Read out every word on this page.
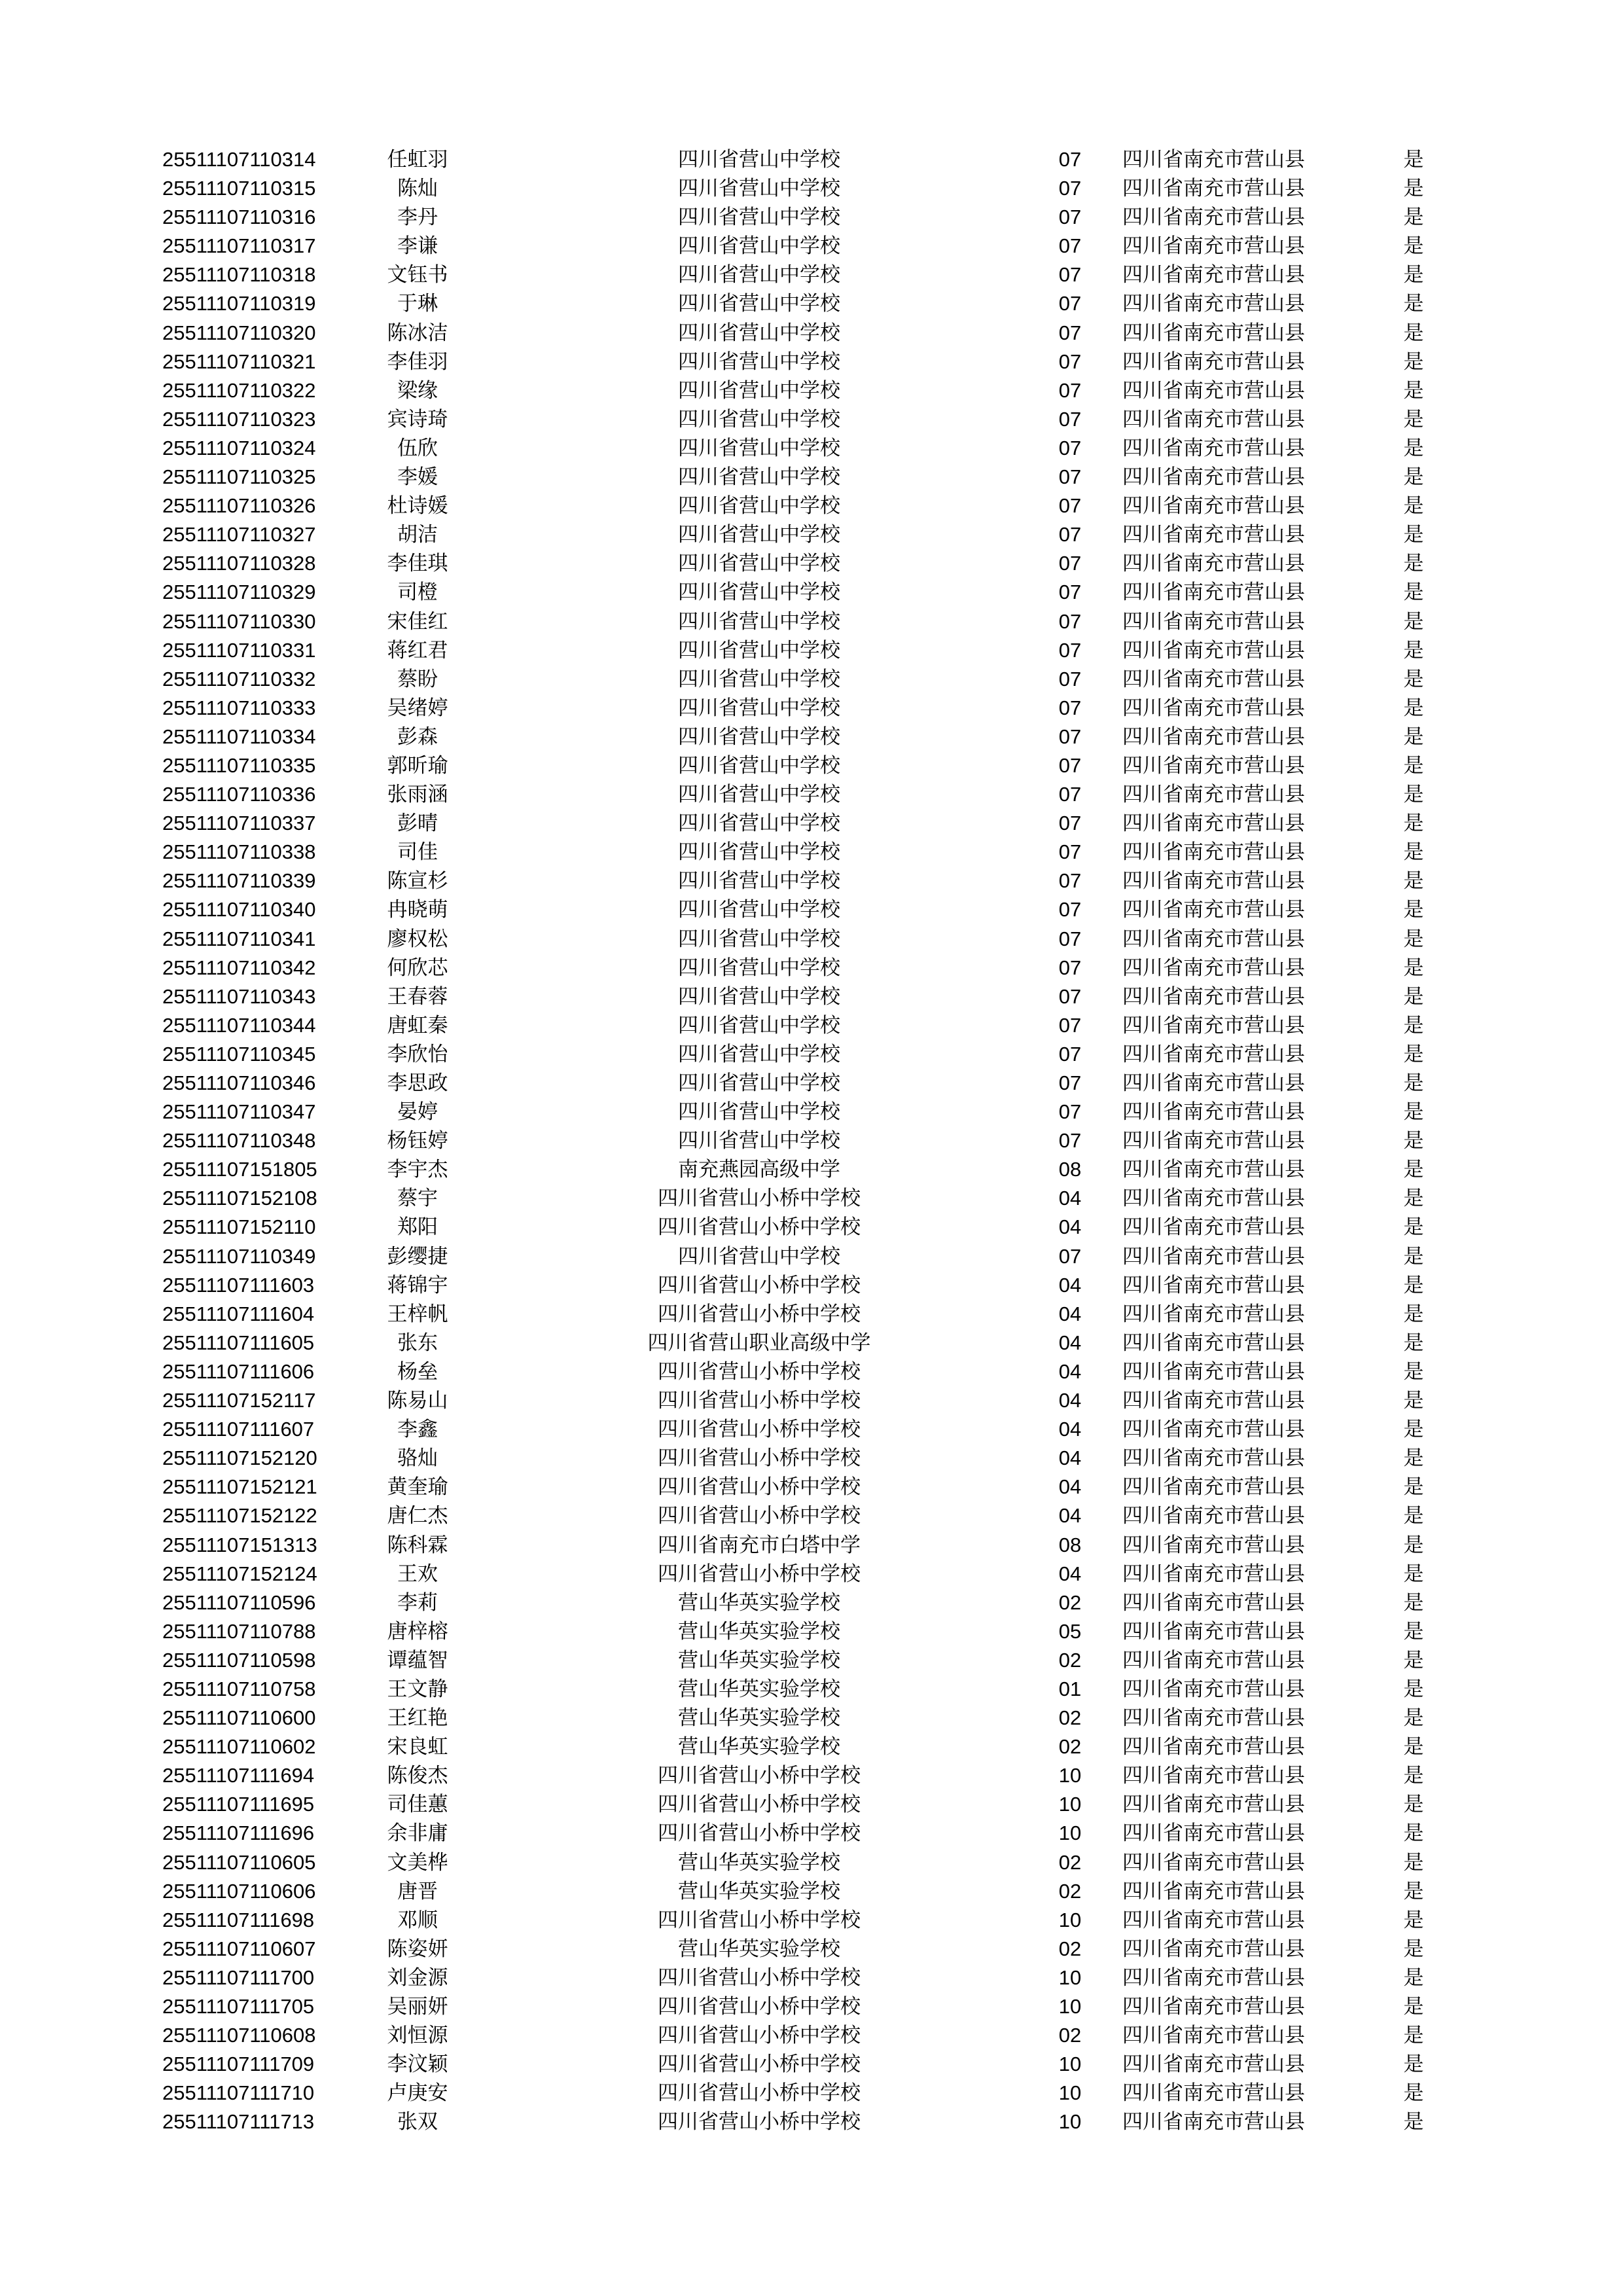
25511107110314	任虹羽	四川省营山中学校	07	四川省南充市营山县	是
25511107110315	陈灿	四川省营山中学校	07	四川省南充市营山县	是
25511107110316	李丹	四川省营山中学校	07	四川省南充市营山县	是
25511107110317	李谦	四川省营山中学校	07	四川省南充市营山县	是
25511107110318	文钰书	四川省营山中学校	07	四川省南充市营山县	是
25511107110319	于琳	四川省营山中学校	07	四川省南充市营山县	是
25511107110320	陈冰洁	四川省营山中学校	07	四川省南充市营山县	是
25511107110321	李佳羽	四川省营山中学校	07	四川省南充市营山县	是
25511107110322	梁缘	四川省营山中学校	07	四川省南充市营山县	是
25511107110323	宾诗琦	四川省营山中学校	07	四川省南充市营山县	是
25511107110324	伍欣	四川省营山中学校	07	四川省南充市营山县	是
25511107110325	李媛	四川省营山中学校	07	四川省南充市营山县	是
25511107110326	杜诗媛	四川省营山中学校	07	四川省南充市营山县	是
25511107110327	胡洁	四川省营山中学校	07	四川省南充市营山县	是
25511107110328	李佳琪	四川省营山中学校	07	四川省南充市营山县	是
25511107110329	司橙	四川省营山中学校	07	四川省南充市营山县	是
25511107110330	宋佳红	四川省营山中学校	07	四川省南充市营山县	是
25511107110331	蒋红君	四川省营山中学校	07	四川省南充市营山县	是
25511107110332	蔡盼	四川省营山中学校	07	四川省南充市营山县	是
25511107110333	吴绪婷	四川省营山中学校	07	四川省南充市营山县	是
25511107110334	彭森	四川省营山中学校	07	四川省南充市营山县	是
25511107110335	郭昕瑜	四川省营山中学校	07	四川省南充市营山县	是
25511107110336	张雨涵	四川省营山中学校	07	四川省南充市营山县	是
25511107110337	彭晴	四川省营山中学校	07	四川省南充市营山县	是
25511107110338	司佳	四川省营山中学校	07	四川省南充市营山县	是
25511107110339	陈宣杉	四川省营山中学校	07	四川省南充市营山县	是
25511107110340	冉晓萌	四川省营山中学校	07	四川省南充市营山县	是
25511107110341	廖权松	四川省营山中学校	07	四川省南充市营山县	是
25511107110342	何欣芯	四川省营山中学校	07	四川省南充市营山县	是
25511107110343	王春蓉	四川省营山中学校	07	四川省南充市营山县	是
25511107110344	唐虹秦	四川省营山中学校	07	四川省南充市营山县	是
25511107110345	李欣怡	四川省营山中学校	07	四川省南充市营山县	是
25511107110346	李思政	四川省营山中学校	07	四川省南充市营山县	是
25511107110347	晏婷	四川省营山中学校	07	四川省南充市营山县	是
25511107110348	杨钰婷	四川省营山中学校	07	四川省南充市营山县	是
25511107151805	李宇杰	南充燕园高级中学	08	四川省南充市营山县	是
25511107152108	蔡宇	四川省营山小桥中学校	04	四川省南充市营山县	是
25511107152110	郑阳	四川省营山小桥中学校	04	四川省南充市营山县	是
25511107110349	彭缨捷	四川省营山中学校	07	四川省南充市营山县	是
25511107111603	蒋锦宇	四川省营山小桥中学校	04	四川省南充市营山县	是
25511107111604	王梓帆	四川省营山小桥中学校	04	四川省南充市营山县	是
25511107111605	张东	四川省营山职业高级中学	04	四川省南充市营山县	是
25511107111606	杨垒	四川省营山小桥中学校	04	四川省南充市营山县	是
25511107152117	陈易山	四川省营山小桥中学校	04	四川省南充市营山县	是
25511107111607	李鑫	四川省营山小桥中学校	04	四川省南充市营山县	是
25511107152120	骆灿	四川省营山小桥中学校	04	四川省南充市营山县	是
25511107152121	黄奎瑜	四川省营山小桥中学校	04	四川省南充市营山县	是
25511107152122	唐仁杰	四川省营山小桥中学校	04	四川省南充市营山县	是
25511107151313	陈科霖	四川省南充市白塔中学	08	四川省南充市营山县	是
25511107152124	王欢	四川省营山小桥中学校	04	四川省南充市营山县	是
25511107110596	李莉	营山华英实验学校	02	四川省南充市营山县	是
25511107110788	唐梓榕	营山华英实验学校	05	四川省南充市营山县	是
25511107110598	谭蕴智	营山华英实验学校	02	四川省南充市营山县	是
25511107110758	王文静	营山华英实验学校	01	四川省南充市营山县	是
25511107110600	王红艳	营山华英实验学校	02	四川省南充市营山县	是
25511107110602	宋良虹	营山华英实验学校	02	四川省南充市营山县	是
25511107111694	陈俊杰	四川省营山小桥中学校	10	四川省南充市营山县	是
25511107111695	司佳蕙	四川省营山小桥中学校	10	四川省南充市营山县	是
25511107111696	余非庸	四川省营山小桥中学校	10	四川省南充市营山县	是
25511107110605	文美桦	营山华英实验学校	02	四川省南充市营山县	是
25511107110606	唐晋	营山华英实验学校	02	四川省南充市营山县	是
25511107111698	邓顺	四川省营山小桥中学校	10	四川省南充市营山县	是
25511107110607	陈姿妍	营山华英实验学校	02	四川省南充市营山县	是
25511107111700	刘金源	四川省营山小桥中学校	10	四川省南充市营山县	是
25511107111705	吴丽妍	四川省营山小桥中学校	10	四川省南充市营山县	是
25511107110608	刘恒源	四川省营山小桥中学校	02	四川省南充市营山县	是
25511107111709	李汶颖	四川省营山小桥中学校	10	四川省南充市营山县	是
25511107111710	卢庚安	四川省营山小桥中学校	10	四川省南充市营山县	是
25511107111713	张双	四川省营山小桥中学校	10	四川省南充市营山县	是
